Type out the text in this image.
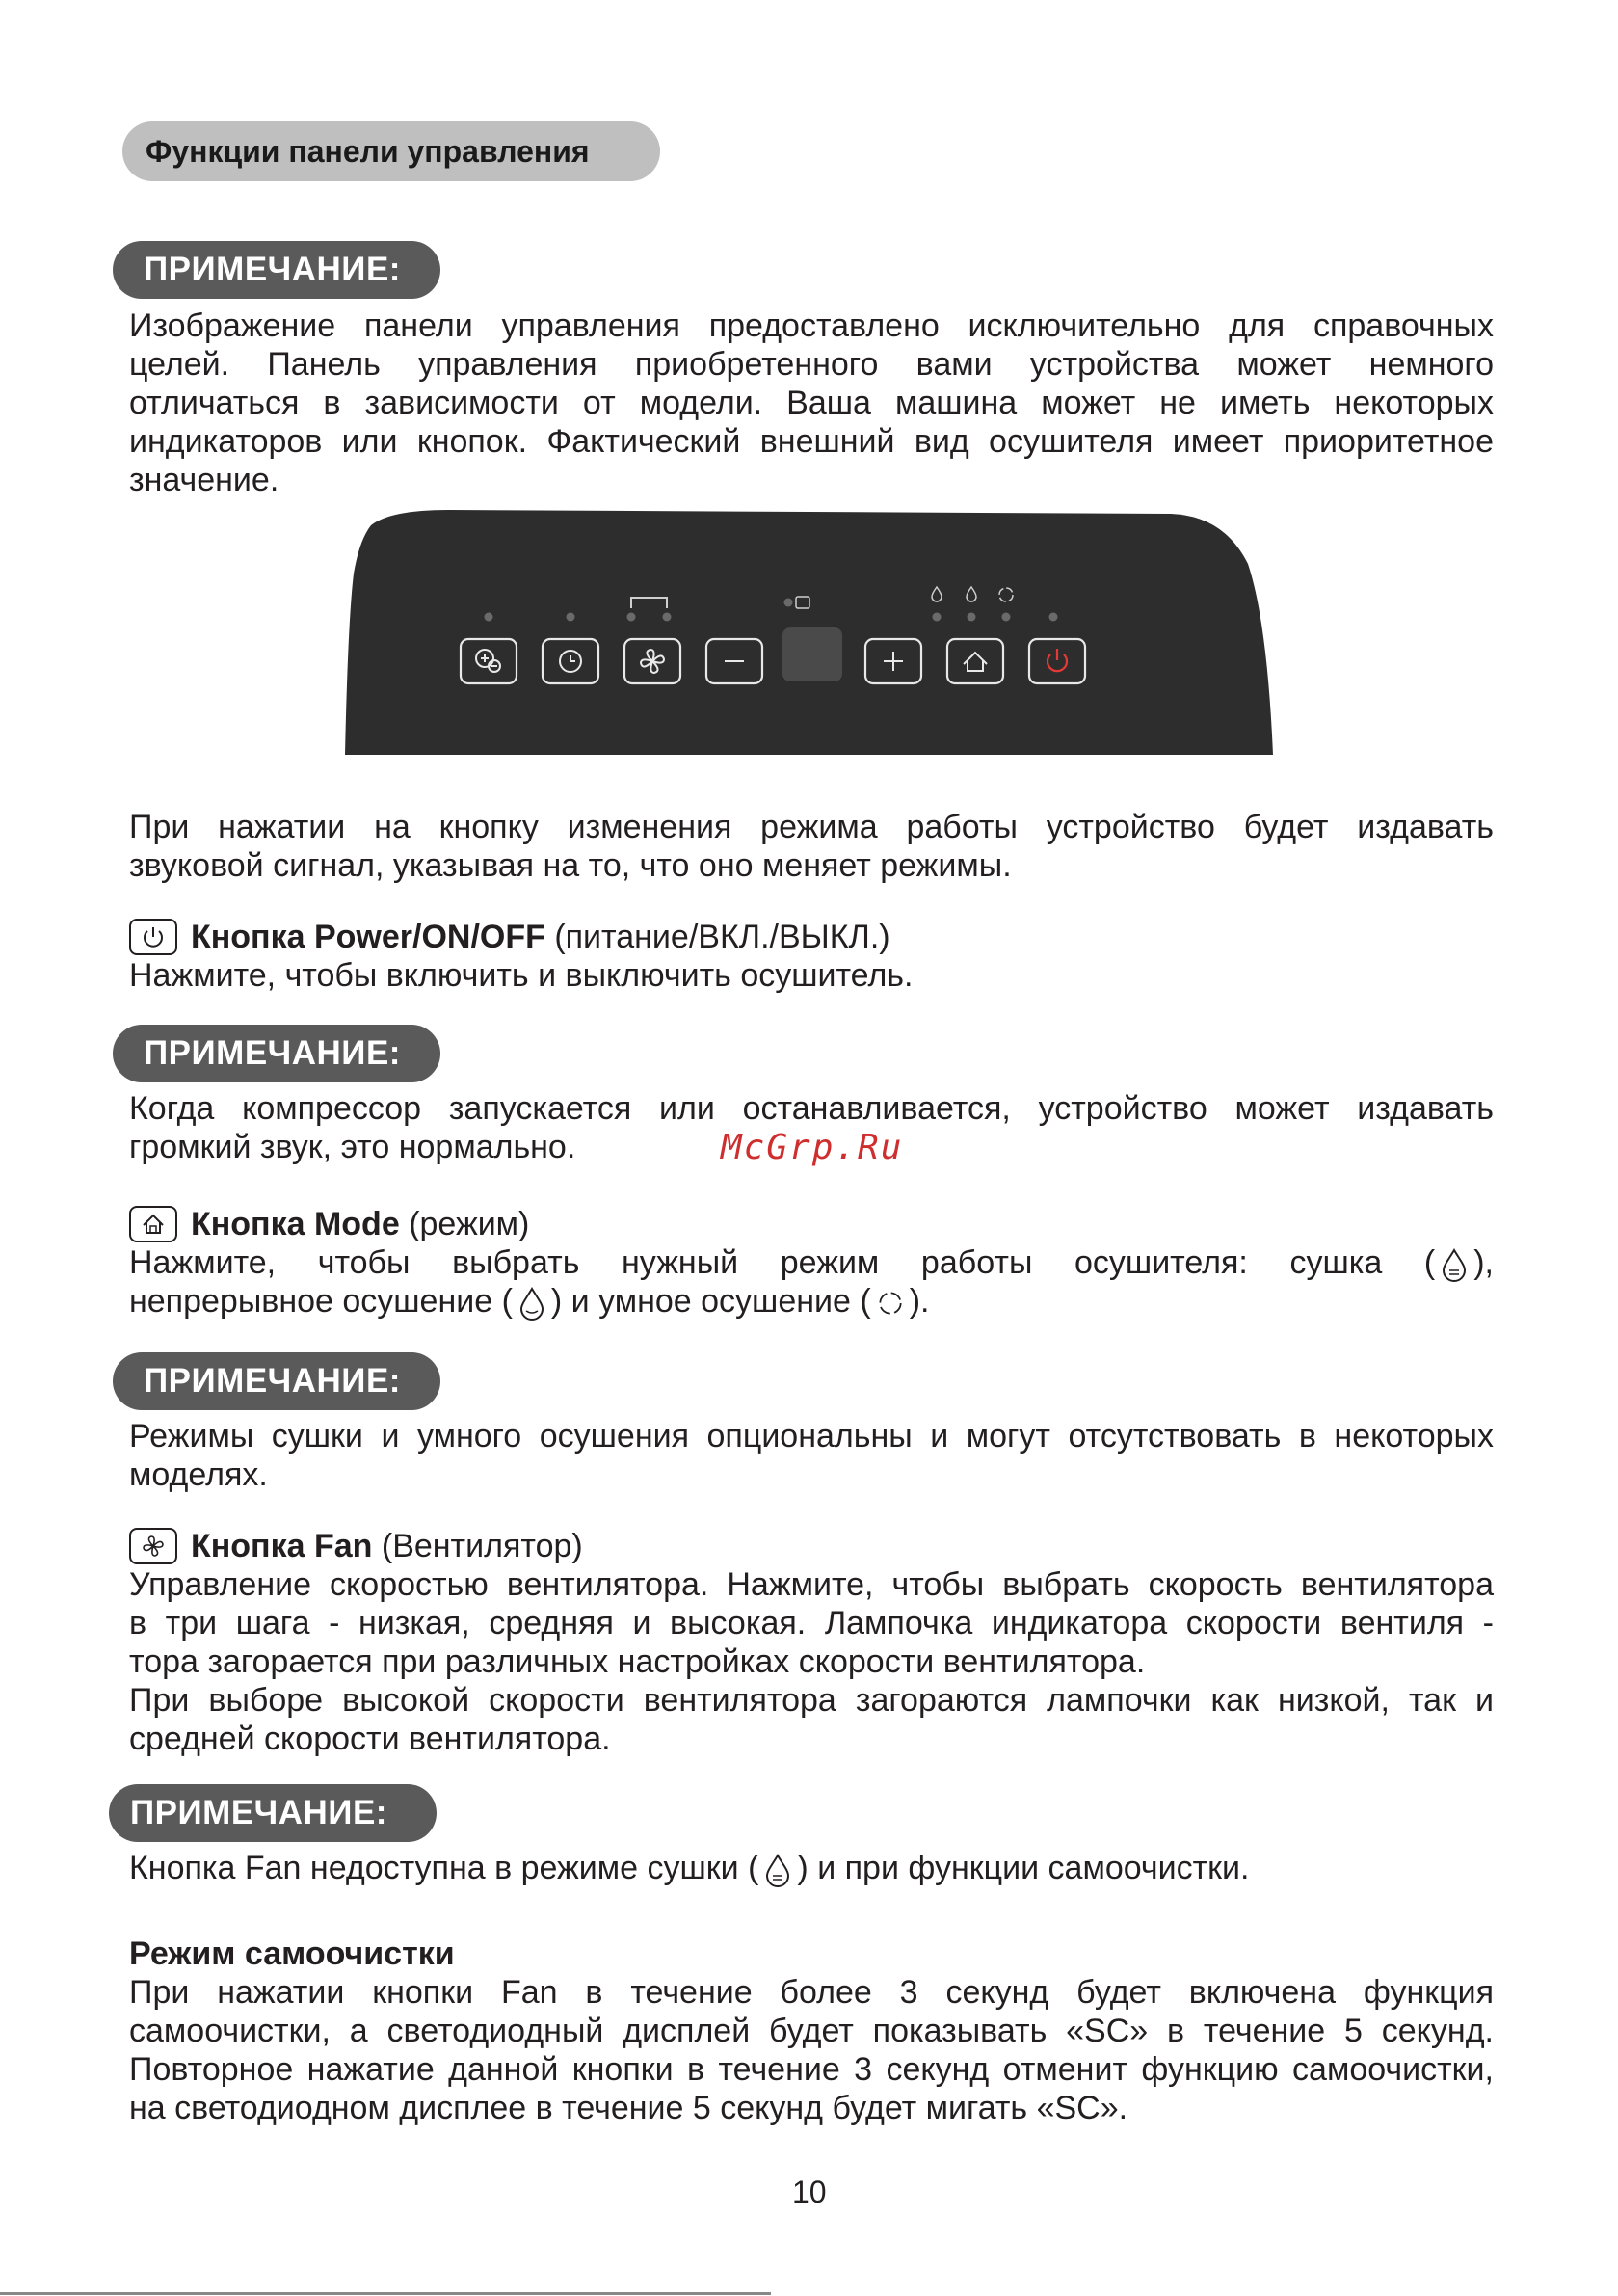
Функции панели управления
ПРИМЕЧАНИЕ:

Изображение панели управления предоставлено исключительно для справочных

целей. Панель управления приобретенного вами устройства может немного

отличаться в зависимости от модели. Ваша машина может не иметь некоторых

индикаторов или кнопок. Фактический внешний вид осушителя имеет приоритетное

значение.

При нажатии на кнопку изменения режима работы устройство будет издавать

звуковой сигнал, указывая на то, что оно меняет режимы.

Кнопка Power/ON/OFF
(питание/ВКЛ./ВЫКЛ.)

Нажмите, чтобы включить и выключить осушитель.

ПРИМЕЧАНИЕ:

Когда компрессор запускается или останавливается, устройство может издавать

громкий звук, это нормально.	McGrp.Ru
Кнопка Mode
(режим)

Нажмите, чтобы выбрать нужный режим работы осушителя: сушка ( ),

непрерывное осушение ( ) и умное осушение ( ).

ПРИМЕЧАНИЕ:

Режимы сушки и умного осушения опциональны и могут отсутствовать в некоторых

моделях.

Кнопка Fan
(Вентилятор)

Управление скоростью вентилятора. Нажмите, чтобы выбрать скорость вентилятора

в три шага - низкая, средняя и высокая. Лампочка индикатора скорости вентиля -

тора загорается при различных настройках скорости вентилятора.

При выборе высокой скорости вентилятора загораются лампочки как низкой, так и

средней скорости вентилятора.

ПРИМЕЧАНИЕ:

Кнопка Fan недоступна в режиме сушки ( ) и при функции самоочистки.

Режим самоочистки

При нажатии кнопки Fan в течение более 3 секунд будет включена функция

самоочистки, а светодиодный дисплей будет показывать «SC» в течение 5 секунд.

Повторное нажатие данной кнопки в течение 3 секунд отменит функцию самоочистки,

на светодиодном дисплее в течение 5 секунд будет мигать «SC».

10
